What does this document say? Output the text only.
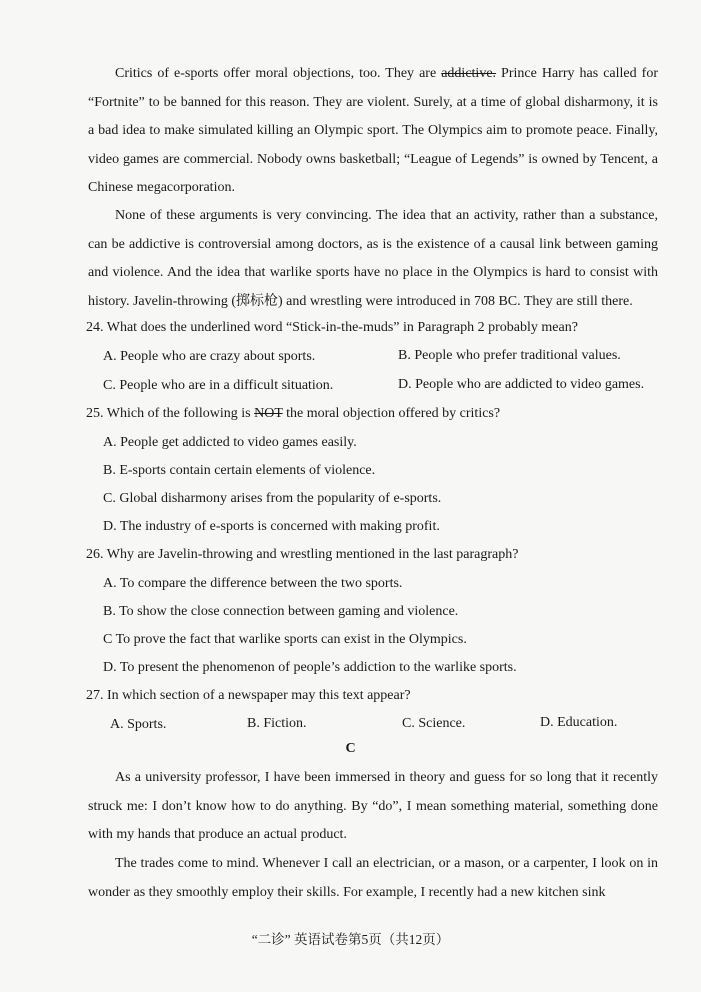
Critics of e-sports offer moral objections, too. They are addictive. Prince Harry has called for “Fortnite” to be banned for this reason. They are violent. Surely, at a time of global disharmony, it is a bad idea to make simulated killing an Olympic sport. The Olympics aim to promote peace. Finally, video games are commercial. Nobody owns basketball; “League of Legends” is owned by Tencent, a Chinese megacorporation.

None of these arguments is very convincing. The idea that an activity, rather than a substance, can be addictive is controversial among doctors, as is the existence of a causal link between gaming and violence. And the idea that warlike sports have no place in the Olympics is hard to consist with history. Javelin-throwing (掷标枪) and wrestling were introduced in 708 BC. They are still there.

24. What does the underlined word “Stick-in-the-muds” in Paragraph 2 probably mean?

A. People who are crazy about sports.	B. People who prefer traditional values.
C. People who are in a difficult situation.	D. People who are addicted to video games.

25. Which of the following is NOT the moral objection offered by critics?

A. People get addicted to video games easily.
B. E-sports contain certain elements of violence.
C. Global disharmony arises from the popularity of e-sports.
D. The industry of e-sports is concerned with making profit.

26. Why are Javelin-throwing and wrestling mentioned in the last paragraph?

A. To compare the difference between the two sports.
B. To show the close connection between gaming and violence.
C To prove the fact that warlike sports can exist in the Olympics.
D. To present the phenomenon of people’s addiction to the warlike sports.

27. In which section of a newspaper may this text appear?

A. Sports.	B. Fiction.	C. Science.	D. Education.
C

As a university professor, I have been immersed in theory and guess for so long that it recently struck me: I don’t know how to do anything. By “do”, I mean something material, something done with my hands that produce an actual product.

The trades come to mind. Whenever I call an electrician, or a mason, or a carpenter, I look on in wonder as they smoothly employ their skills. For example, I recently had a new kitchen sink

“二诊” 英语试卷第5页（共12页）
